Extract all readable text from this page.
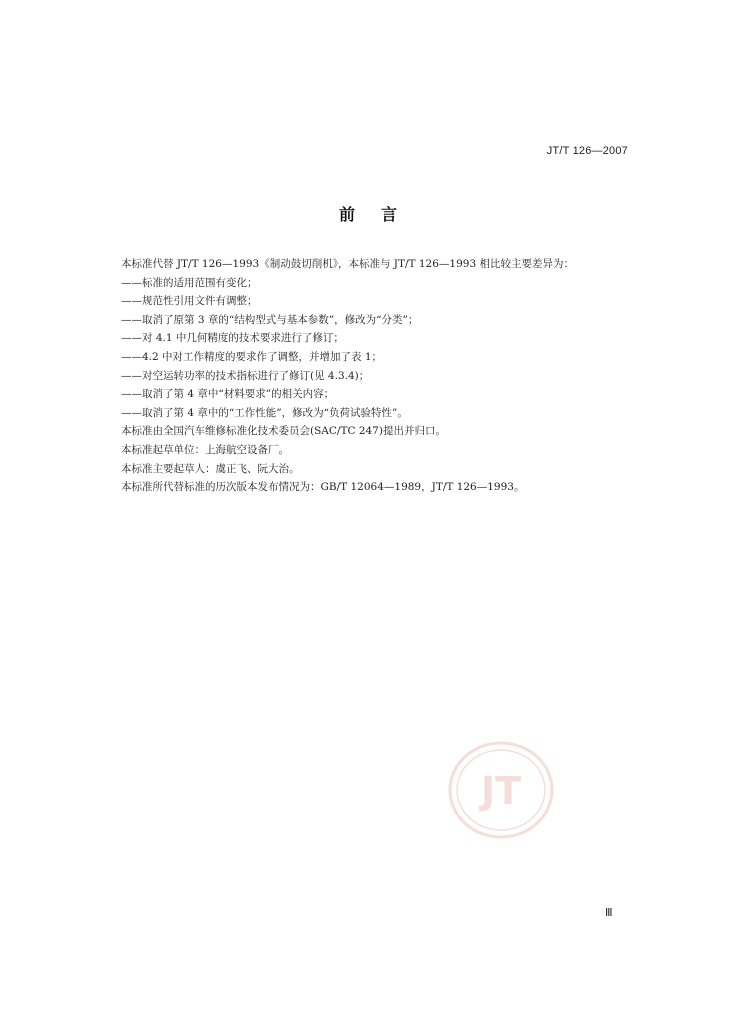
JT/T 126—2007
前言
本标准代替 JT/T 126—1993《制动鼓切削机》，本标准与 JT/T 126—1993 相比较主要差异为：
——标准的适用范围有变化；
——规范性引用文件有调整；
——取消了原第 3 章的“结构型式与基本参数”，修改为“分类”；
——对 4.1 中几何精度的技术要求进行了修订；
——4.2 中对工作精度的要求作了调整，并增加了表 1；
——对空运转功率的技术指标进行了修订(见 4.3.4)；
——取消了第 4 章中“材料要求”的相关内容；
——取消了第 4 章中的“工作性能”，修改为“负荷试验特性”。
本标准由全国汽车维修标准化技术委员会(SAC/TC 247)提出并归口。
本标准起草单位：上海航空设备厂。
本标准主要起草人：虞正飞、阮大治。
本标准所代替标准的历次版本发布情况为：GB/T 12064—1989，JT/T 126—1993。
JT
Ⅲ
